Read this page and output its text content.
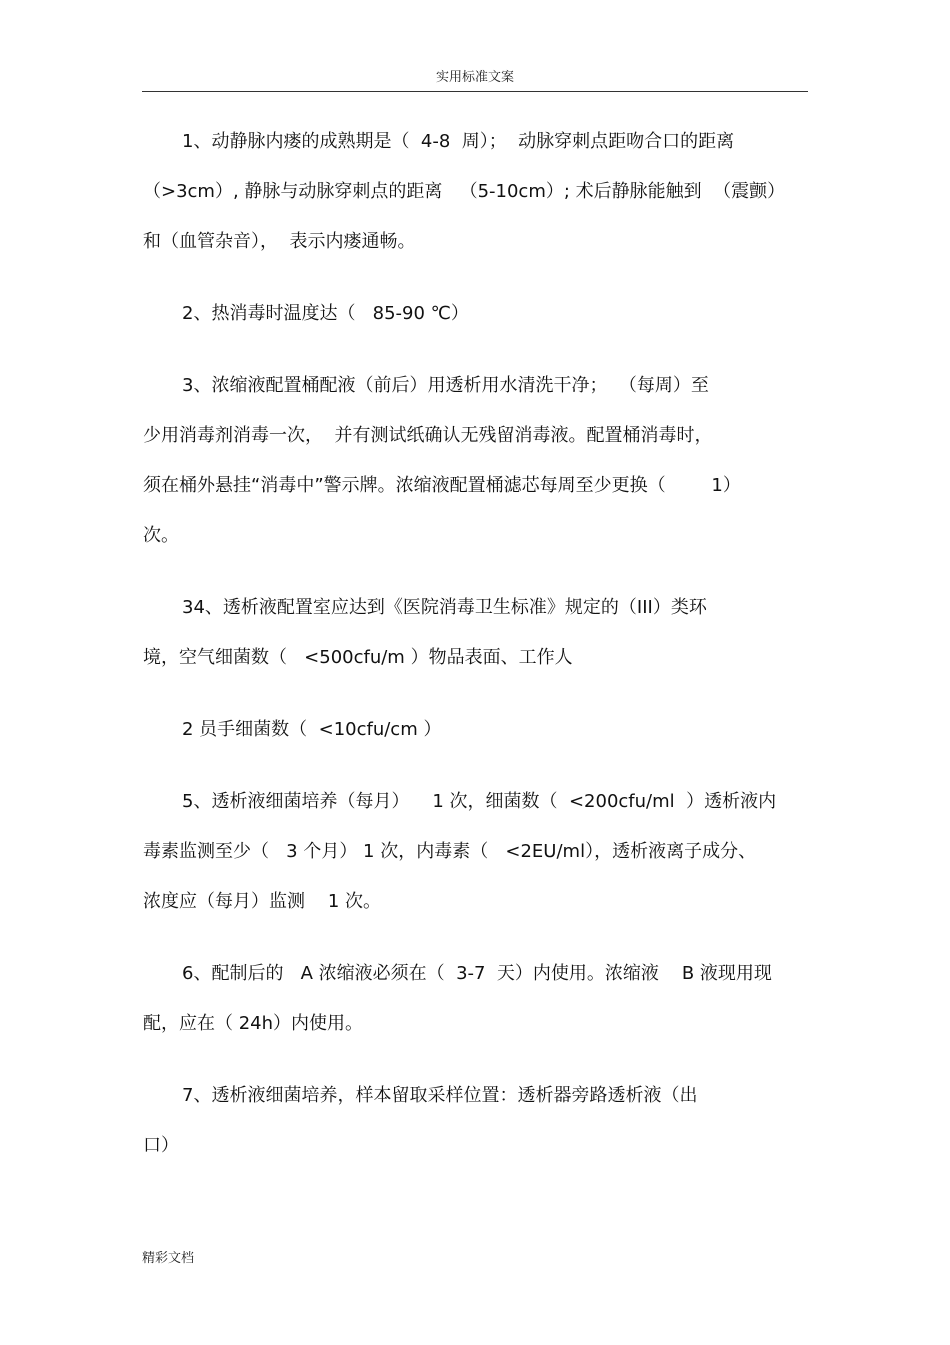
实用标准文案
1、动静脉内瘘的成熟期是（  4-8  周）；  动脉穿刺点距吻合口的距离
（>3cm）, 静脉与动脉穿刺点的距离   （5-10cm）; 术后静脉能触到  （震颤）
和（血管杂音），  表示内瘘通畅。
2、热消毒时温度达（   85-90 ℃）
3、浓缩液配置桶配液（前后）用透析用水清洗干净；  （每周）至
少用消毒剂消毒一次，  并有测试纸确认无残留消毒液。配置桶消毒时，
须在桶外悬挂“消毒中”警示牌。浓缩液配置桶滤芯每周至少更换（        1）
次。
34、透析液配置室应达到《医院消毒卫生标准》规定的（III）类环
境，空气细菌数（   <500cfu/m ）物品表面、工作人
2 员手细菌数（  <10cfu/cm ）
5、透析液细菌培养（每月）    1 次，细菌数（  <200cfu/ml  ）透析液内
毒素监测至少（   3 个月） 1 次，内毒素（   <2EU/ml），透析液离子成分、
浓度应（每月）监测    1 次。
6、配制后的   A 浓缩液必须在（  3-7  天）内使用。浓缩液    B 液现用现
配，应在（ 24h）内使用。
7、透析液细菌培养，样本留取采样位置：透析器旁路透析液（出
口）
精彩文档
